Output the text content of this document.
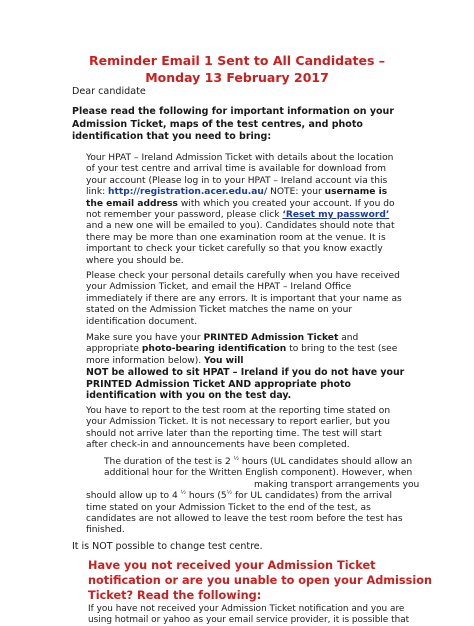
Reminder Email 1 Sent to All Candidates –
Monday 13 February 2017
Dear candidate
Please read the following for important information on your
Admission Ticket, maps of the test centres, and photo
identification that you need to bring:
Your HPAT – Ireland Admission Ticket with details about the location
of your test centre and arrival time is available for download from
your account (Please log in to your HPAT – Ireland account via this
link: http://registration.acer.edu.au/ NOTE: your username is
the email address with which you created your account. If you do
not remember your password, please click ‘Reset my password’
and a new one will be emailed to you). Candidates should note that
there may be more than one examination room at the venue. It is
important to check your ticket carefully so that you know exactly
where you should be.
Please check your personal details carefully when you have received
your Admission Ticket, and email the HPAT – Ireland Office
immediately if there are any errors. It is important that your name as
stated on the Admission Ticket matches the name on your
identification document.
Make sure you have your PRINTED Admission Ticket and
appropriate photo-bearing identification to bring to the test (see
more information below). You will
NOT be allowed to sit HPAT – Ireland if you do not have your
PRINTED Admission Ticket AND appropriate photo
identification with you on the test day.
You have to report to the test room at the reporting time stated on
your Admission Ticket. It is not necessary to report earlier, but you
should not arrive later than the reporting time. The test will start
after check-in and announcements have been completed.
The duration of the test is 2 $^{\frac{1}{2}}$ hours (UL candidates should allow an
additional hour for the Written English component). However, when
making transport arrangements you
should allow up to 4 $^{\frac{1}{2}}$ hours ($5^{\frac{1}{2}}$ for UL candidates) from the arrival
time stated on your Admission Ticket to the end of the test, as
candidates are not allowed to leave the test room before the test has
finished.
It is NOT possible to change test centre.
Have you not received your Admission Ticket
notification or are you unable to open your Admission
Ticket? Read the following:
If you have not received your Admission Ticket notification and you are
using hotmail or yahoo as your email service provider, it is possible that
